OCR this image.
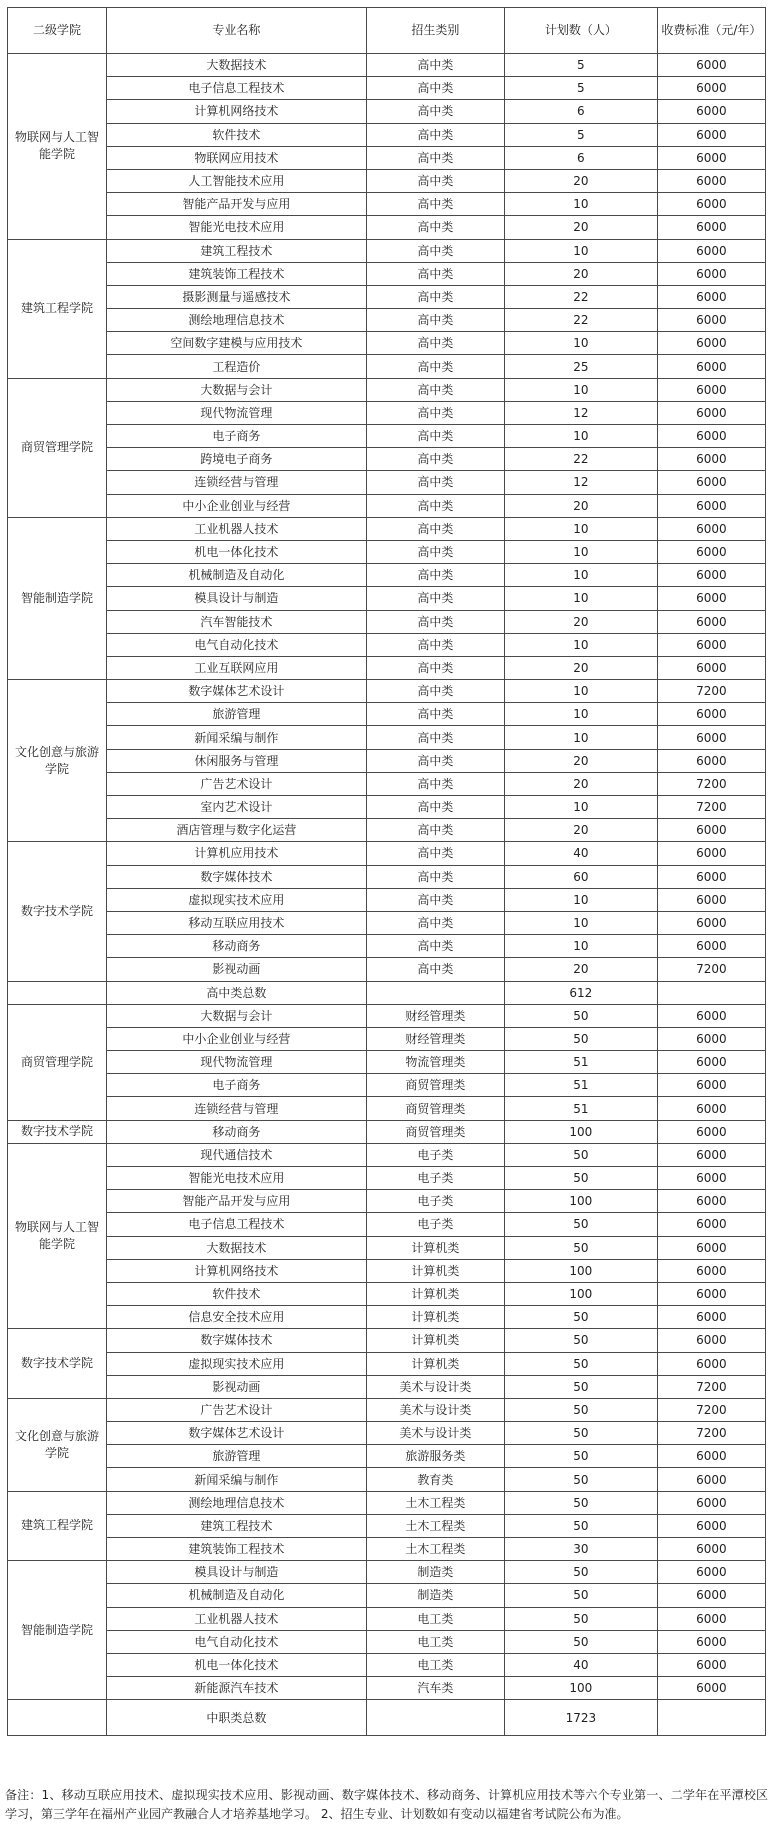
二级学院	专业名称	招生类别	计划数（人）	收费标准（元/年）
物联网与人工智能学院	大数据技术	高中类	5	6000
	电子信息工程技术	高中类	5	6000
	计算机网络技术	高中类	6	6000
	软件技术	高中类	5	6000
	物联网应用技术	高中类	6	6000
	人工智能技术应用	高中类	20	6000
	智能产品开发与应用	高中类	10	6000
	智能光电技术应用	高中类	20	6000
建筑工程学院	建筑工程技术	高中类	10	6000
	建筑装饰工程技术	高中类	20	6000
	摄影测量与遥感技术	高中类	22	6000
	测绘地理信息技术	高中类	22	6000
	空间数字建模与应用技术	高中类	10	6000
	工程造价	高中类	25	6000
商贸管理学院	大数据与会计	高中类	10	6000
	现代物流管理	高中类	12	6000
	电子商务	高中类	10	6000
	跨境电子商务	高中类	22	6000
	连锁经营与管理	高中类	12	6000
	中小企业创业与经营	高中类	20	6000
智能制造学院	工业机器人技术	高中类	10	6000
	机电一体化技术	高中类	10	6000
	机械制造及自动化	高中类	10	6000
	模具设计与制造	高中类	10	6000
	汽车智能技术	高中类	20	6000
	电气自动化技术	高中类	10	6000
	工业互联网应用	高中类	20	6000
文化创意与旅游学院	数字媒体艺术设计	高中类	10	7200
	旅游管理	高中类	10	6000
	新闻采编与制作	高中类	10	6000
	休闲服务与管理	高中类	20	6000
	广告艺术设计	高中类	20	7200
	室内艺术设计	高中类	10	7200
	酒店管理与数字化运营	高中类	20	6000
数字技术学院	计算机应用技术	高中类	40	6000
	数字媒体技术	高中类	60	6000
	虚拟现实技术应用	高中类	10	6000
	移动互联应用技术	高中类	10	6000
	移动商务	高中类	10	6000
	影视动画	高中类	20	7200
	高中类总数		612	
商贸管理学院	大数据与会计	财经管理类	50	6000
	中小企业创业与经营	财经管理类	50	6000
	现代物流管理	物流管理类	51	6000
	电子商务	商贸管理类	51	6000
	连锁经营与管理	商贸管理类	51	6000
数字技术学院	移动商务	商贸管理类	100	6000
物联网与人工智能学院	现代通信技术	电子类	50	6000
	智能光电技术应用	电子类	50	6000
	智能产品开发与应用	电子类	100	6000
	电子信息工程技术	电子类	50	6000
	大数据技术	计算机类	50	6000
	计算机网络技术	计算机类	100	6000
	软件技术	计算机类	100	6000
	信息安全技术应用	计算机类	50	6000
数字技术学院	数字媒体技术	计算机类	50	6000
	虚拟现实技术应用	计算机类	50	6000
	影视动画	美术与设计类	50	7200
文化创意与旅游学院	广告艺术设计	美术与设计类	50	7200
	数字媒体艺术设计	美术与设计类	50	7200
	旅游管理	旅游服务类	50	6000
	新闻采编与制作	教育类	50	6000
建筑工程学院	测绘地理信息技术	土木工程类	50	6000
	建筑工程技术	土木工程类	50	6000
	建筑装饰工程技术	土木工程类	30	6000
智能制造学院	模具设计与制造	制造类	50	6000
	机械制造及自动化	制造类	50	6000
	工业机器人技术	电工类	50	6000
	电气自动化技术	电工类	50	6000
	机电一体化技术	电工类	40	6000
	新能源汽车技术	汽车类	100	6000
	中职类总数		1723	
备注：1、移动互联应用技术、虚拟现实技术应用、影视动画、数字媒体技术、移动商务、计算机应用技术等六个专业第一、二学年在平潭校区学习，第三学年在福州产业园产教融合人才培养基地学习。 2、招生专业、计划数如有变动以福建省考试院公布为准。
